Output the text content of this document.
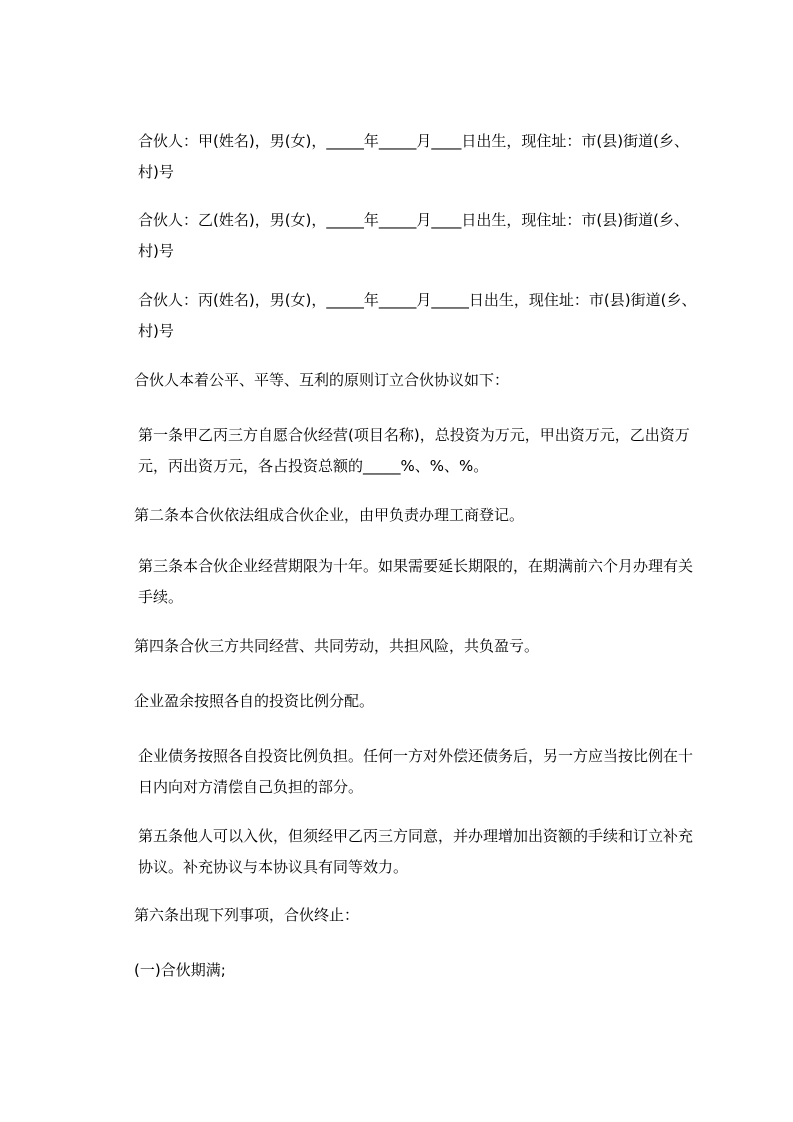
合伙人：甲(姓名)，男(女)，_____年_____月____日出生，现住址：市(县)街道(乡、村)号

合伙人：乙(姓名)，男(女)，_____年_____月____日出生，现住址：市(县)街道(乡、村)号

合伙人：丙(姓名)，男(女)，_____年_____月_____日出生，现住址：市(县)街道(乡、村)号

合伙人本着公平、平等、互利的原则订立合伙协议如下：

第一条甲乙丙三方自愿合伙经营(项目名称)，总投资为万元，甲出资万元，乙出资万元，丙出资万元，各占投资总额的_____%、%、%。

第二条本合伙依法组成合伙企业，由甲负责办理工商登记。

第三条本合伙企业经营期限为十年。如果需要延长期限的，在期满前六个月办理有关手续。

第四条合伙三方共同经营、共同劳动，共担风险，共负盈亏。

企业盈余按照各自的投资比例分配。

企业债务按照各自投资比例负担。任何一方对外偿还债务后，另一方应当按比例在十日内向对方清偿自己负担的部分。

第五条他人可以入伙，但须经甲乙丙三方同意，并办理增加出资额的手续和订立补充协议。补充协议与本协议具有同等效力。

第六条出现下列事项，合伙终止：

(一)合伙期满;
